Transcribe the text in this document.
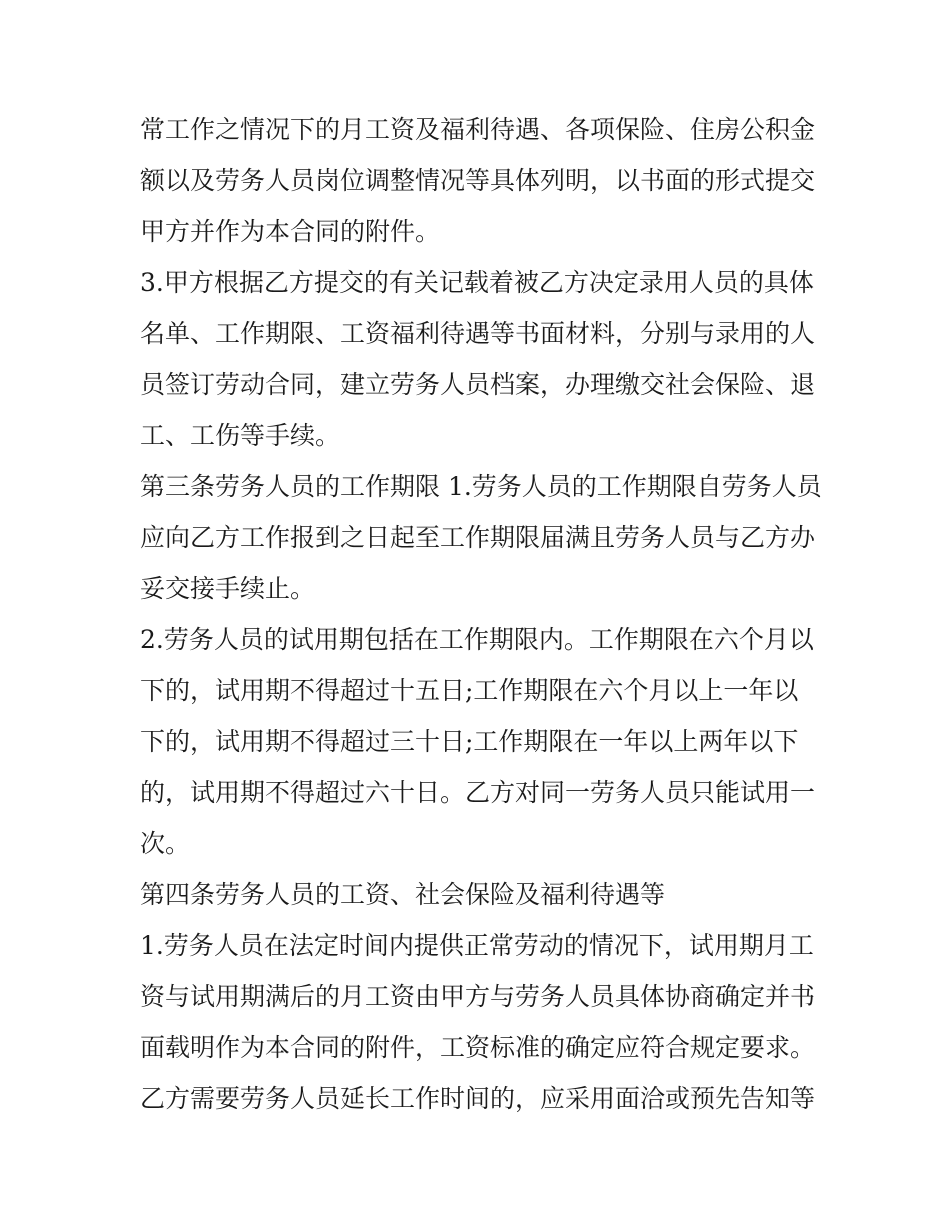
常工作之情况下的月工资及福利待遇、各项保险、住房公积金
额以及劳务人员岗位调整情况等具体列明，以书面的形式提交
甲方并作为本合同的附件。
3.甲方根据乙方提交的有关记载着被乙方决定录用人员的具体
名单、工作期限、工资福利待遇等书面材料，分别与录用的人
员签订劳动合同，建立劳务人员档案，办理缴交社会保险、退
工、工伤等手续。
第三条劳务人员的工作期限 1.劳务人员的工作期限自劳务人员
应向乙方工作报到之日起至工作期限届满且劳务人员与乙方办
妥交接手续止。
2.劳务人员的试用期包括在工作期限内。工作期限在六个月以
下的，试用期不得超过十五日;工作期限在六个月以上一年以
下的，试用期不得超过三十日;工作期限在一年以上两年以下
的，试用期不得超过六十日。乙方对同一劳务人员只能试用一
次。
第四条劳务人员的工资、社会保险及福利待遇等
1.劳务人员在法定时间内提供正常劳动的情况下，试用期月工
资与试用期满后的月工资由甲方与劳务人员具体协商确定并书
面载明作为本合同的附件，工资标准的确定应符合规定要求。
乙方需要劳务人员延长工作时间的，应采用面洽或预先告知等
